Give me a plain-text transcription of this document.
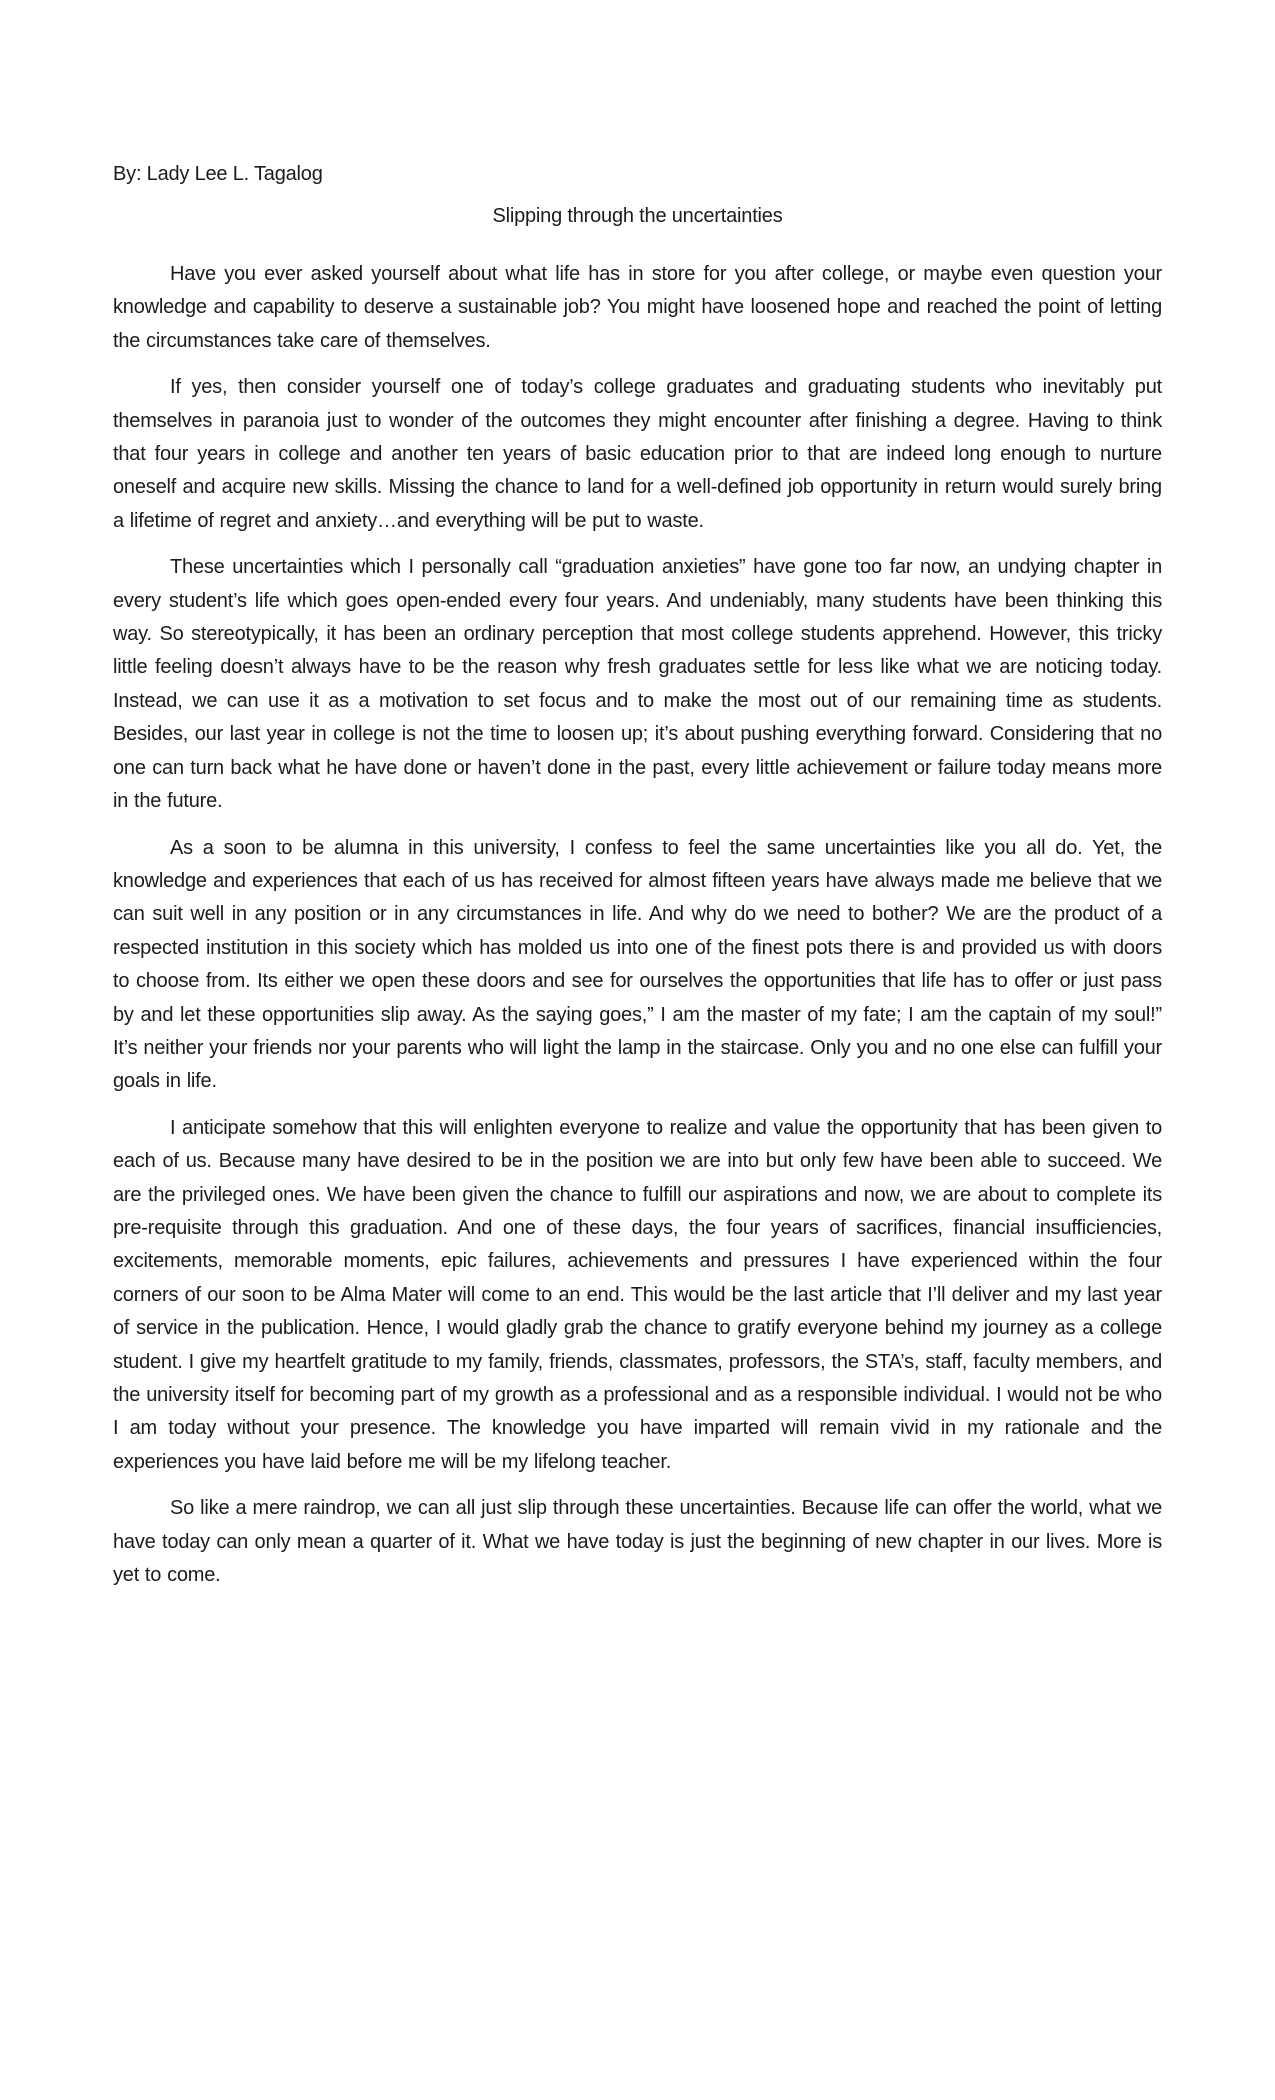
By: Lady Lee L. Tagalog
Slipping through the uncertainties

Have you ever asked yourself about what life has in store for you after college, or maybe even question your knowledge and capability to deserve a sustainable job? You might have loosened hope and reached the point of letting the circumstances take care of themselves.

If yes, then consider yourself one of today’s college graduates and graduating students who inevitably put themselves in paranoia just to wonder of the outcomes they might encounter after finishing a degree. Having to think that four years in college and another ten years of basic education prior to that are indeed long enough to nurture oneself and acquire new skills. Missing the chance to land for a well-defined job opportunity in return would surely bring a lifetime of regret and anxiety…and everything will be put to waste.

These uncertainties which I personally call “graduation anxieties” have gone too far now, an undying chapter in every student’s life which goes open-ended every four years. And undeniably, many students have been thinking this way. So stereotypically, it has been an ordinary perception that most college students apprehend. However, this tricky little feeling doesn’t always have to be the reason why fresh graduates settle for less like what we are noticing today. Instead, we can use it as a motivation to set focus and to make the most out of our remaining time as students. Besides, our last year in college is not the time to loosen up; it’s about pushing everything forward. Considering that no one can turn back what he have done or haven’t done in the past, every little achievement or failure today means more in the future.

As a soon to be alumna in this university, I confess to feel the same uncertainties like you all do. Yet, the knowledge and experiences that each of us has received for almost fifteen years have always made me believe that we can suit well in any position or in any circumstances in life. And why do we need to bother? We are the product of a respected institution in this society which has molded us into one of the finest pots there is and provided us with doors to choose from. Its either we open these doors and see for ourselves the opportunities that life has to offer or just pass by and let these opportunities slip away. As the saying goes,” I am the master of my fate; I am the captain of my soul!” It’s neither your friends nor your parents who will light the lamp in the staircase. Only you and no one else can fulfill your goals in life.

I anticipate somehow that this will enlighten everyone to realize and value the opportunity that has been given to each of us. Because many have desired to be in the position we are into but only few have been able to succeed. We are the privileged ones. We have been given the chance to fulfill our aspirations and now, we are about to complete its pre-requisite through this graduation. And one of these days, the four years of sacrifices, financial insufficiencies, excitements, memorable moments, epic failures, achievements and pressures I have experienced within the four corners of our soon to be Alma Mater will come to an end. This would be the last article that I’ll deliver and my last year of service in the publication. Hence, I would gladly grab the chance to gratify everyone behind my journey as a college student. I give my heartfelt gratitude to my family, friends, classmates, professors, the STA’s, staff, faculty members, and the university itself for becoming part of my growth as a professional and as a responsible individual. I would not be who I am today without your presence. The knowledge you have imparted will remain vivid in my rationale and the experiences you have laid before me will be my lifelong teacher.

So like a mere raindrop, we can all just slip through these uncertainties. Because life can offer the world, what we have today can only mean a quarter of it. What we have today is just the beginning of new chapter in our lives. More is yet to come.
